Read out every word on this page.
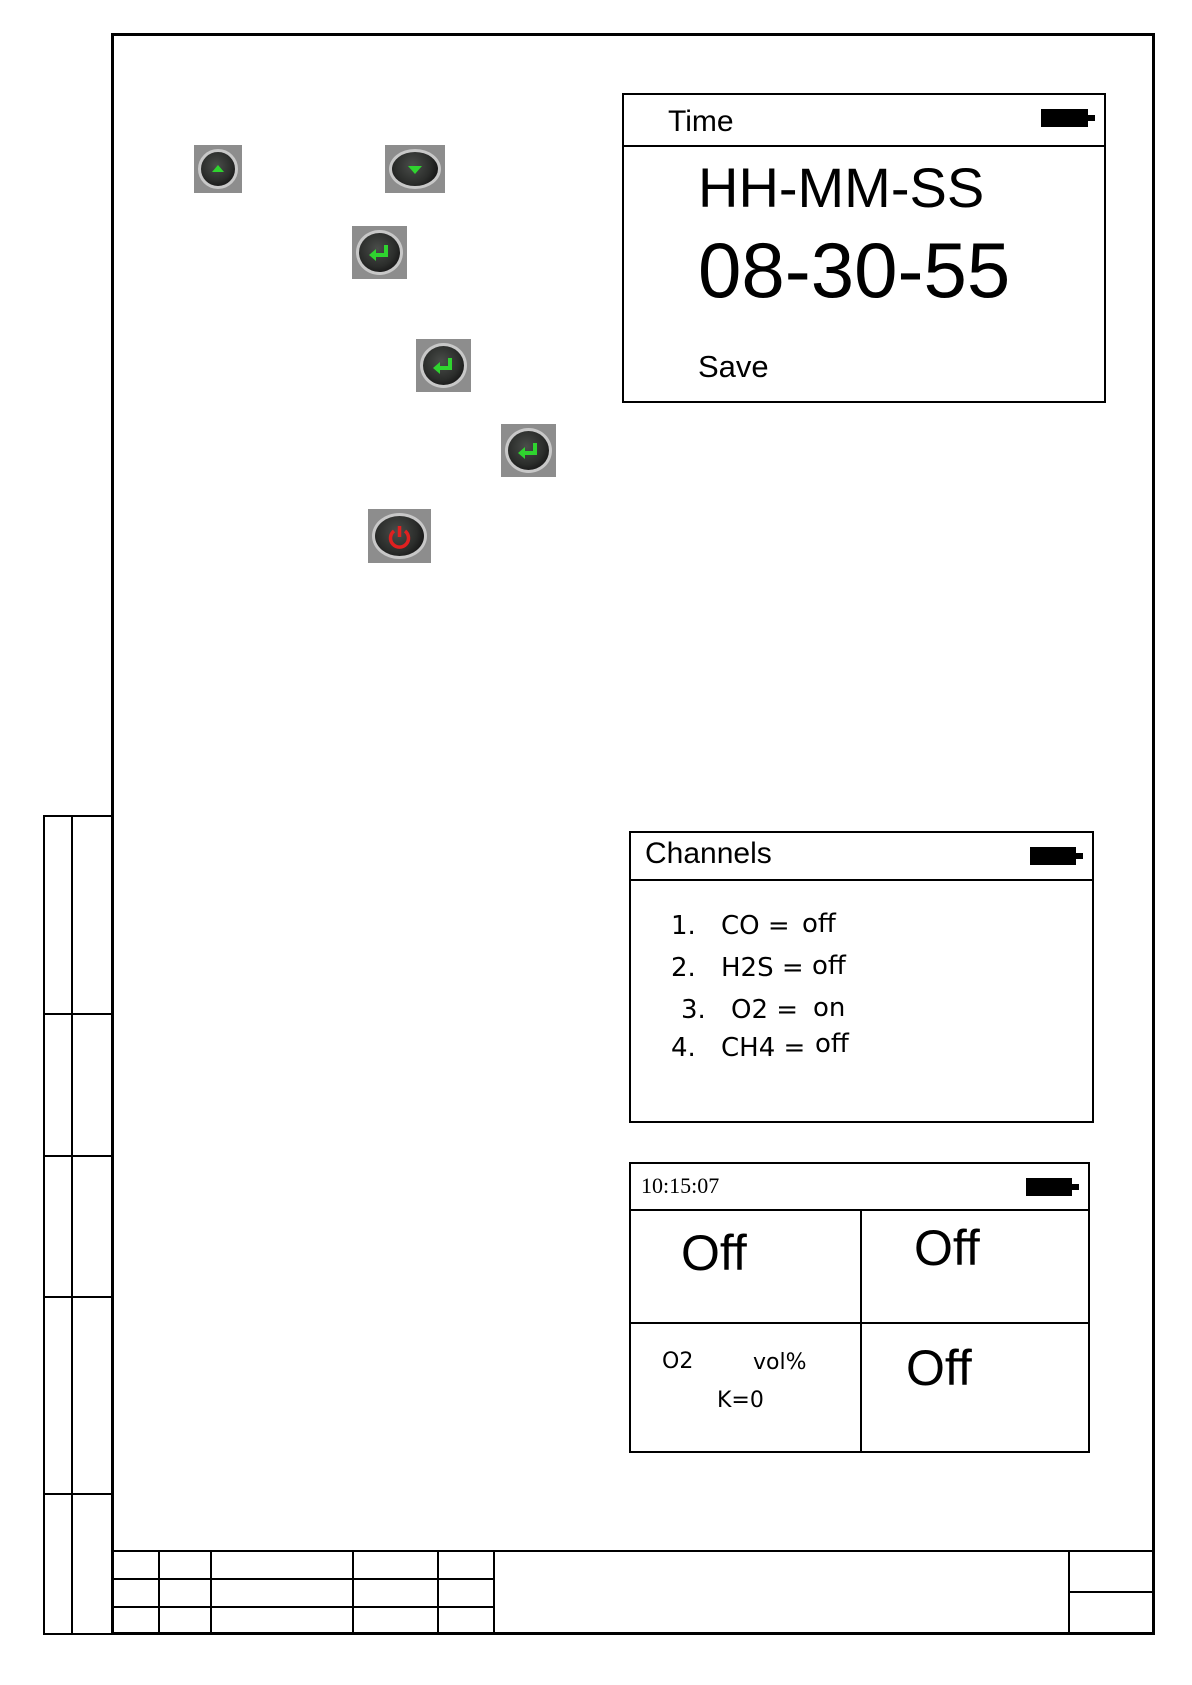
Time
HH-MM-SS
08-30-55
Save
Channels
1. CO = off
2. H2S = off
3. O2 = on
4. CH4 = off
10:15:07
Off	Off
Off
O2	vol%
K=0
